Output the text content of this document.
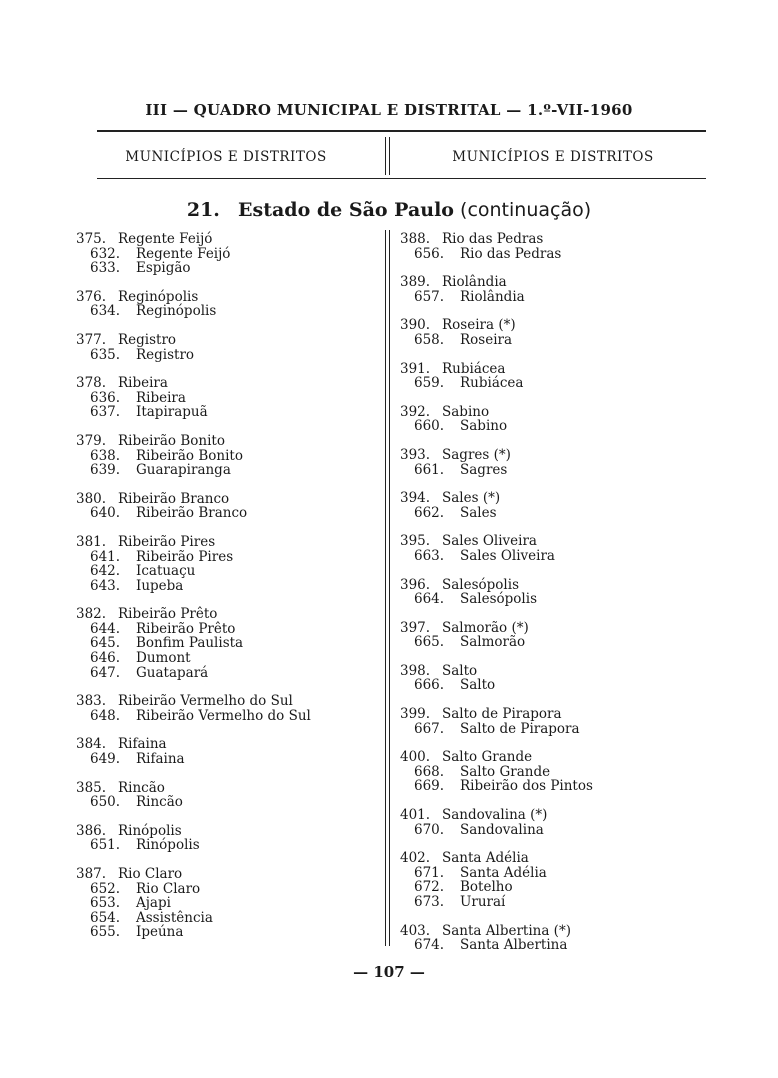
III — QUADRO MUNICIPAL E DISTRITAL — 1.º-VII-1960
MUNICÍPIOS E DISTRITOS	MUNICÍPIOS E DISTRITOS
21. Estado de São Paulo (continuação)
375. Regente Feijó
632.	Regente Feijó
633.	Espigão
376. Reginópolis
634.	Reginópolis
377. Registro
635.	Registro
378. Ribeira
636.	Ribeira
637.	Itapirapuã
379. Ribeirão Bonito
638.	Ribeirão Bonito
639.	Guarapiranga
380. Ribeirão Branco
640.	Ribeirão Branco
381. Ribeirão Pires
641.	Ribeirão Pires
642.	Icatuaçu
643.	Iupeba
382. Ribeirão Prêto
644.	Ribeirão Prêto
645.	Bonfim Paulista
646.	Dumont
647.	Guatapará
383. Ribeirão Vermelho do Sul
648.	Ribeirão Vermelho do Sul
384. Rifaina
649.	Rifaina
385. Rincão
650.	Rincão
386. Rinópolis
651.	Rinópolis
387. Rio Claro
652.	Rio Claro
653.	Ajapi
654.	Assistência
655.	Ipeúna
388. Rio das Pedras
656.	Rio das Pedras
389. Riolândia
657.	Riolândia
390. Roseira (*)
658.	Roseira
391. Rubiácea
659.	Rubiácea
392. Sabino
660.	Sabino
393. Sagres (*)
661.	Sagres
394. Sales (*)
662.	Sales
395. Sales Oliveira
663.	Sales Oliveira
396. Salesópolis
664.	Salesópolis
397. Salmorão (*)
665.	Salmorão
398. Salto
666.	Salto
399. Salto de Pirapora
667.	Salto de Pirapora
400. Salto Grande
668.	Salto Grande
669.	Ribeirão dos Pintos
401. Sandovalina (*)
670.	Sandovalina
402. Santa Adélia
671.	Santa Adélia
672.	Botelho
673.	Ururaí
403. Santa Albertina (*)
674.	Santa Albertina
— 107 —
